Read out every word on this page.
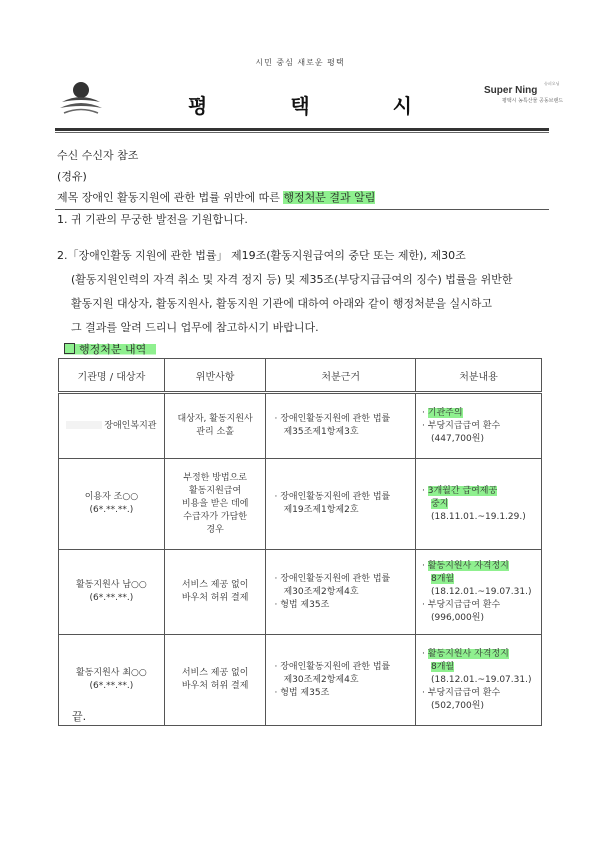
시민 중심 새로운 평택
평 택 시
슈퍼오닝
Super Ning
평택시 농특산물 공동브랜드
수신 수신자 참조
(경유)
제목 장애인 활동지원에 관한 법률 위반에 따른 행정처분 결과 알림
1. 귀 기관의 무궁한 발전을 기원합니다.
2.「장애인활동 지원에 관한 법률」 제19조(활동지원급여의 중단 또는 제한), 제30조
(활동지원인력의 자격 취소 및 자격 정지 등) 및 제35조(부당지급급여의 징수) 법률을 위반한
활동지원 대상자, 활동지원사, 활동지원 기관에 대하여 아래와 같이 행정처분을 실시하고
그 결과를 알려 드리니 업무에 참고하시기 바랍니다.
행정처분 내역
기관명 / 대상자	위반사항	처분근거	처분내용
장애인복지관	대상자, 활동지원사
관리 소홀	· 장애인활동지원에 관한 법률
제35조제1항제3호	· 기관주의
· 부당지급급여 환수
(447,700원)

이용자 조○○
(6*.**.**.)	부정한 방법으로
활동지원급여
비용을 받은 데에
수급자가 가담한
경우	· 장애인활동지원에 관한 법률
제19조제1항제2호	· 3개월간 급여제공
중지
(18.11.01.~19.1.29.)

활동지원사 남○○
(6*.**.**.)	서비스 제공 없이
바우처 허위 결제	· 장애인활동지원에 관한 법률
제30조제2항제4호
· 형법 제35조	· 활동지원사 자격정지
8개월
(18.12.01.~19.07.31.)
· 부당지급급여 환수
(996,000원)

활동지원사 최○○
(6*.**.**.)	서비스 제공 없이
바우처 허위 결제	· 장애인활동지원에 관한 법률
제30조제2항제4호
· 형법 제35조	· 활동지원사 자격정지
8개월
(18.12.01.~19.07.31.)
· 부당지급급여 환수
(502,700원)
끝.
